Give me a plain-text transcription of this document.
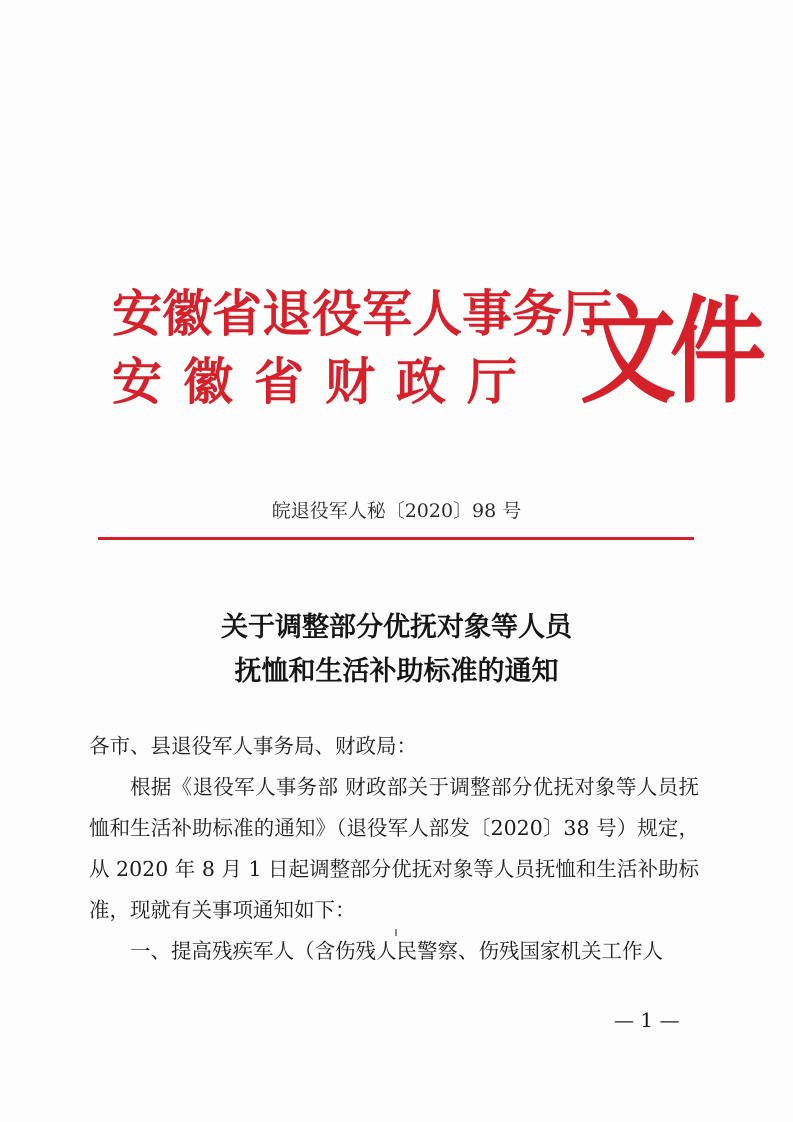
安徽省退役军人事务厅
安徽省财政厅 文件
皖退役军人秘〔2020〕98 号
关于调整部分优抚对象等人员
抚恤和生活补助标准的通知
各市、县退役军人事务局、财政局：

根据《退役军人事务部 财政部关于调整部分优抚对象等人员抚恤和生活补助标准的通知》（退役军人部发〔2020〕38 号）规定，从 2020 年 8 月 1 日起调整部分优抚对象等人员抚恤和生活补助标准，现就有关事项通知如下：

一、提高残疾军人（含伤残人民警察、伤残国家机关工作人

— 1 —
